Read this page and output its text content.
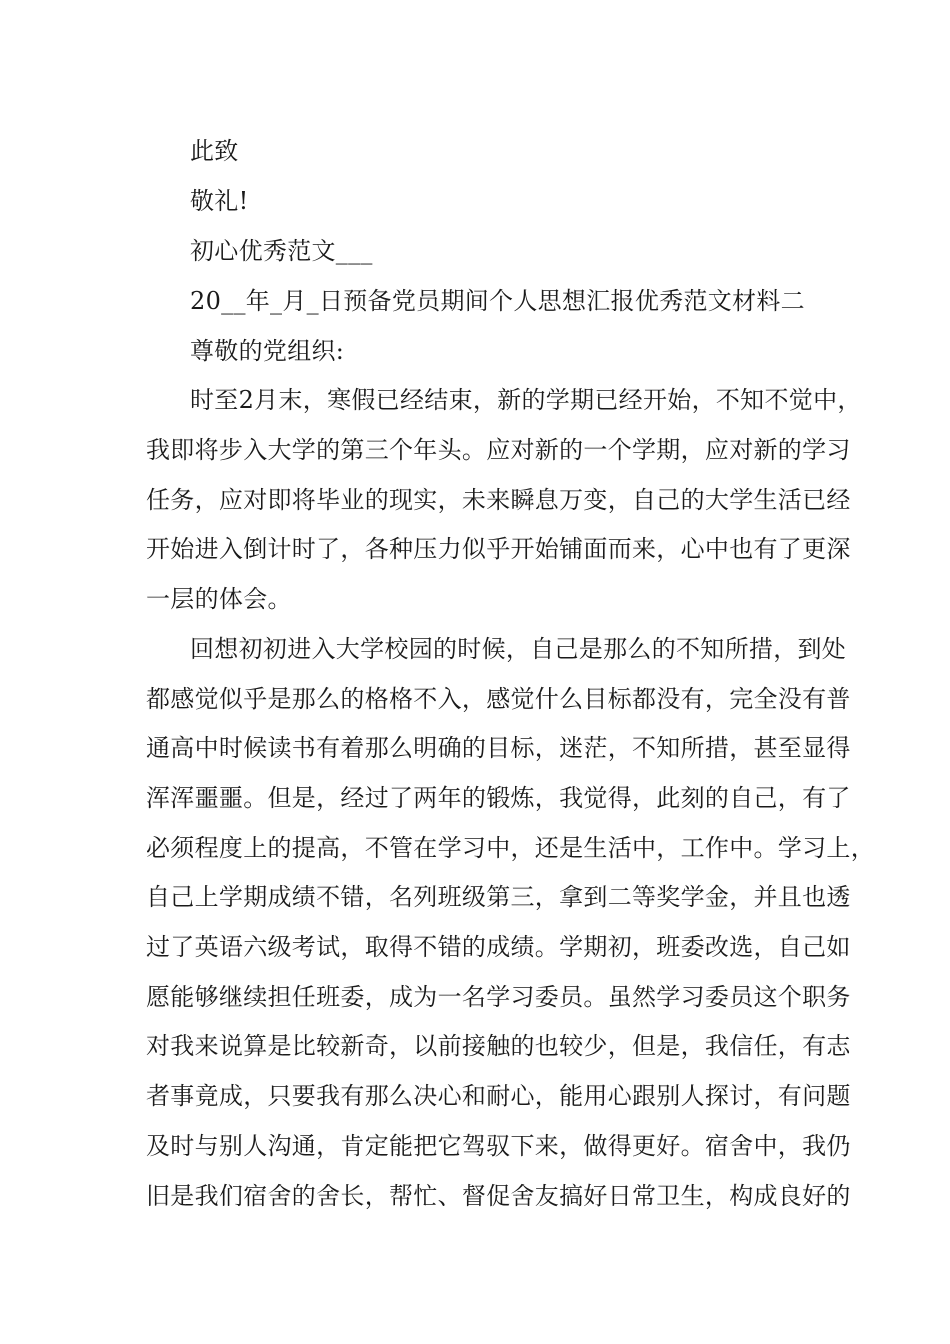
此致
敬礼!
初心优秀范文___
20__年_月_日预备党员期间个人思想汇报优秀范文材料二
尊敬的党组织:
时至2月末，寒假已经结束，新的学期已经开始，不知不觉中，
我即将步入大学的第三个年头。应对新的一个学期，应对新的学习
任务，应对即将毕业的现实，未来瞬息万变，自己的大学生活已经
开始进入倒计时了，各种压力似乎开始铺面而来，心中也有了更深
一层的体会。
回想初初进入大学校园的时候，自己是那么的不知所措，到处
都感觉似乎是那么的格格不入，感觉什么目标都没有，完全没有普
通高中时候读书有着那么明确的目标，迷茫，不知所措，甚至显得
浑浑噩噩。但是，经过了两年的锻炼，我觉得，此刻的自己，有了
必须程度上的提高，不管在学习中，还是生活中，工作中。学习上，
自己上学期成绩不错，名列班级第三，拿到二等奖学金，并且也透
过了英语六级考试，取得不错的成绩。学期初，班委改选，自己如
愿能够继续担任班委，成为一名学习委员。虽然学习委员这个职务
对我来说算是比较新奇，以前接触的也较少，但是，我信任，有志
者事竟成，只要我有那么决心和耐心，能用心跟别人探讨，有问题
及时与别人沟通，肯定能把它驾驭下来，做得更好。宿舍中，我仍
旧是我们宿舍的舍长，帮忙、督促舍友搞好日常卫生，构成良好的
